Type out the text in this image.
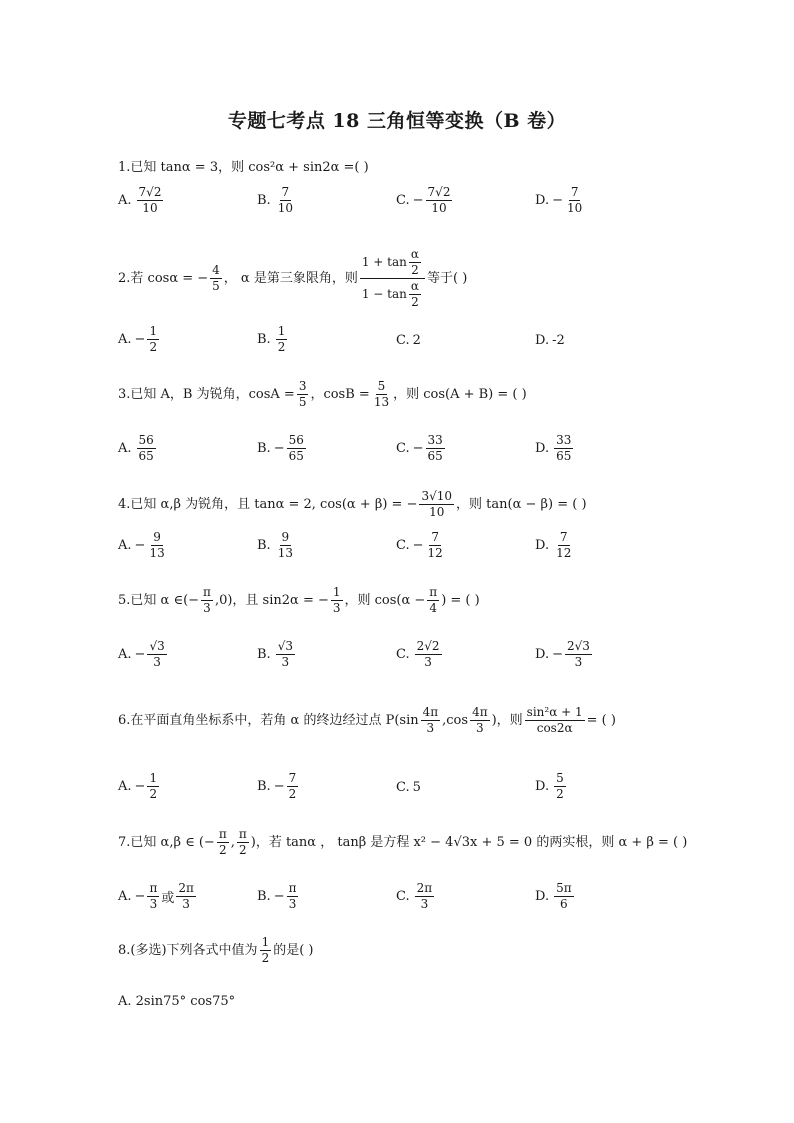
专题七考点 18 三角恒等变换（B 卷）
1.已知 tanα = 3，则 cos²α + sin2α =( )
A. $\frac{7√2}{10}$	B. $\frac{7}{10}$	C. − $\frac{7√2}{10}$	D. − $\frac{7}{10}$
2.若 cosα = − $\frac{4}{5}$ ， α 是第三象限角，则 $\frac{1 + \tan \frac{\alpha}{2}}{1 - \tan \frac{\alpha}{2}}$ 等于( )
A. − $\frac{1}{2}$	B. $\frac{1}{2}$	C. 2	D. -2
3.已知 A，B 为锐角，$\cos A = \frac{3}{5}$ ，$\cos B = \frac{5}{13}$ ，则 cos(A + B) = ( )
A. $\frac{56}{65}$	B. − $\frac{56}{65}$	C. − $\frac{33}{65}$	D. $\frac{33}{65}$
4.已知 α,β 为锐角，且 tanα = 2, cos(α + β) = − $\frac{3√10}{10}$ ，则 tan(α − β) = ( )
A. − $\frac{9}{13}$	B. $\frac{9}{13}$	C. − $\frac{7}{12}$	D. $\frac{7}{12}$
5.已知 α ∈ (− $\frac{\pi}{3} ,0$) ，且 sin2α = − $\frac{1}{3}$ ，则 $\cos(\alpha - \frac{\pi}{4}$ ) = ( )
A. − $\frac{√3}{3}$	B. $\frac{√3}{3}$	C. $\frac{2√2}{3}$	D. − $\frac{2√3}{3}$
6.在平面直角坐标系中，若角 α 的终边经过点 $P(\sin \frac{4\pi}{3} ,\cos \frac{4\pi}{3}$ )，则 $\frac{\text{sin²α + 1}}{\cos 2\alpha}$ = ( )
A. − $\frac{1}{2}$	B. − $\frac{7}{2}$	C. 5	D. $\frac{5}{2}$
7.已知 α,β ∈ (− $\frac{\pi}{2}$ , $\frac{\pi}{2}$ )，若 tanα ， tanβ 是方程 x² − 4√3x + 5 = 0 的两实根，则 α + β = ( )
A. − $\frac{\pi}{3}$ 或 $\frac{2\pi}{3}$	B. − $\frac{\pi}{3}$	C. $\frac{2\pi}{3}$	D. $\frac{5\pi}{6}$
8.(多选)下列各式中值为 $\frac{1}{2}$ 的是( )
A. 2sin75° cos75°
